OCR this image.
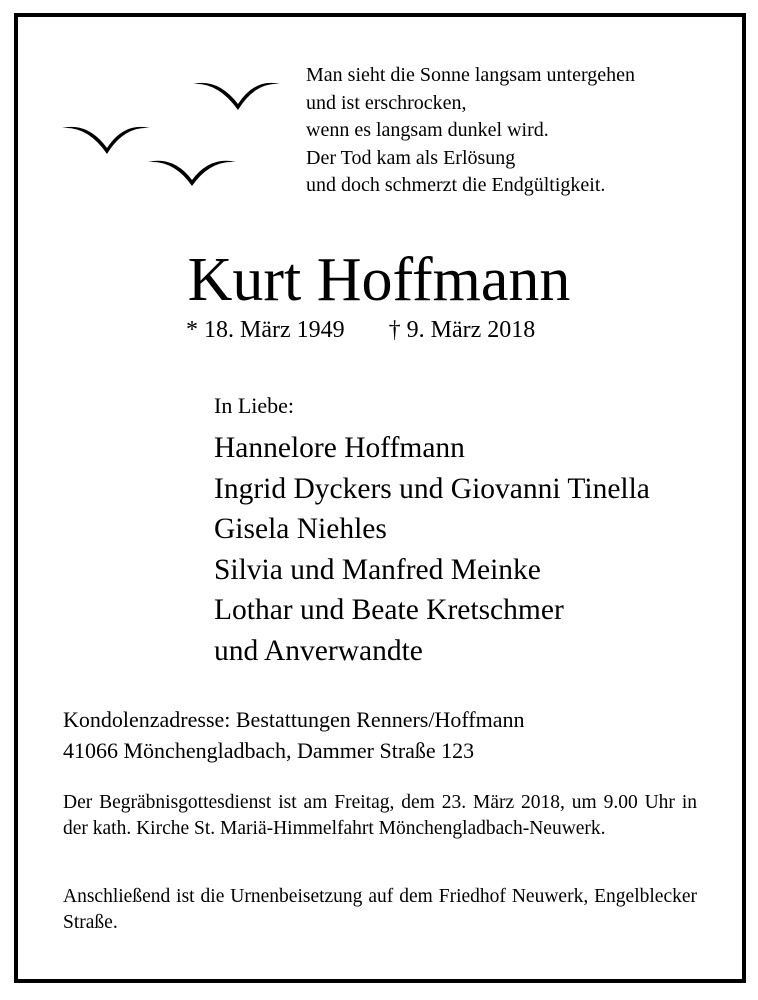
Man sieht die Sonne langsam untergehen
und ist erschrocken,
wenn es langsam dunkel wird.
Der Tod kam als Erlösung
und doch schmerzt die Endgültigkeit.
Kurt Hoffmann
* 18. März 1949 † 9. März 2018
In Liebe:
Hannelore Hoffmann
Ingrid Dyckers und Giovanni Tinella
Gisela Niehles
Silvia und Manfred Meinke
Lothar und Beate Kretschmer
und Anverwandte
Kondolenzadresse: Bestattungen Renners/Hoffmann
41066 Mönchengladbach, Dammer Straße 123
Der Begräbnisgottesdienst ist am Freitag, dem 23. März 2018, um 9.00 Uhr in der kath. Kirche St. Mariä-Himmelfahrt Mönchengladbach-Neuwerk.
Anschließend ist die Urnenbeisetzung auf dem Friedhof Neuwerk, Engelblecker Straße.
